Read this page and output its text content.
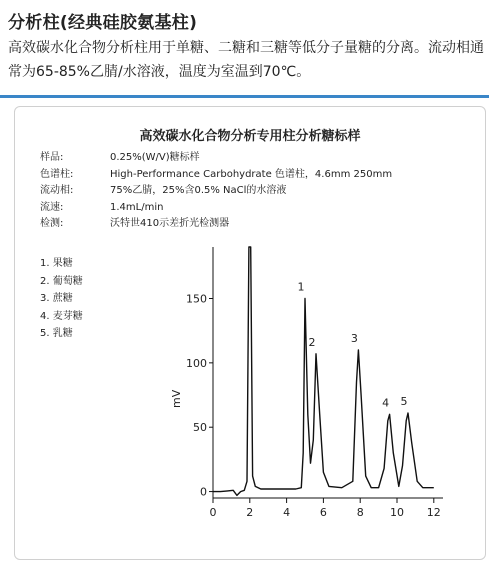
分析柱(经典硅胶氨基柱)
高效碳水化合物分析柱用于单糖、二糖和三糖等低分子量糖的分离。流动相通常为65-85%乙腈/水溶液，温度为室温到70℃。
高效碳水化合物分析专用柱分析糖标样
样品:	0.25%(W/V)糖标样
色谱柱:	High-Performance Carbohydrate 色谱柱，4.6mm 250mm
流动相:	75%乙腈，25%含0.5% NaCl的水溶液
流速:	1.4mL/min
检测:	沃特世410示差折光检测器
1. 果糖
2. 葡萄糖
3. 蔗糖
4. 麦芽糖
5. 乳糖
0	2	4	6	8 10 12
0
50
100
150
mV
1
2	3
4 5
